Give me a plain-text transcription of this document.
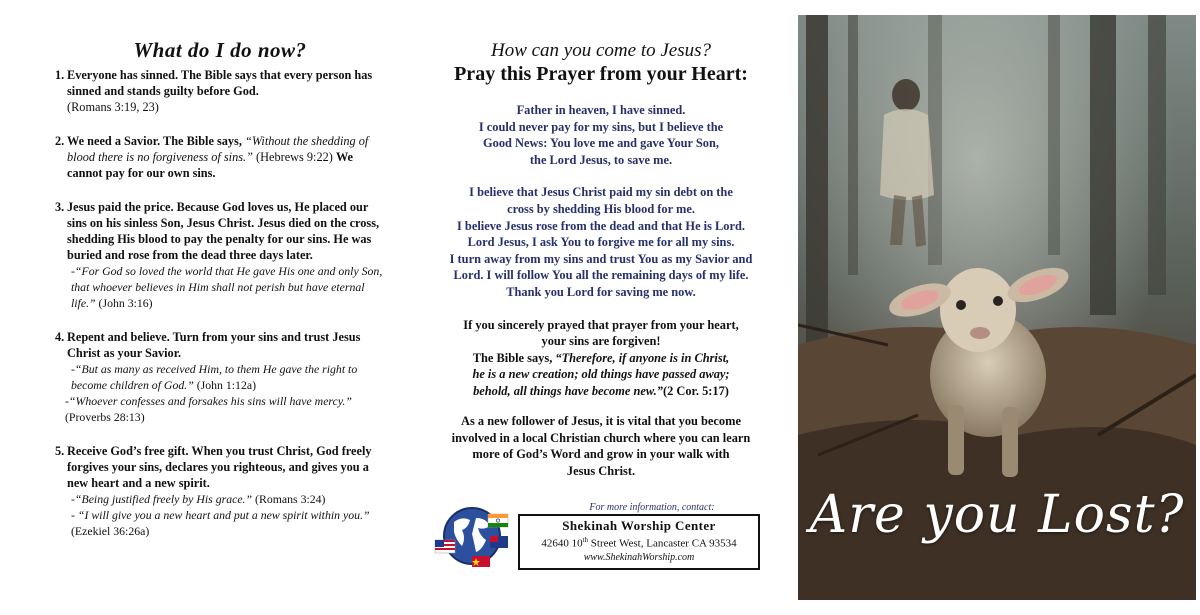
What do I do now?
1. Everyone has sinned. The Bible says that every person has sinned and stands guilty before God.
(Romans 3:19, 23)
2. We need a Savior. The Bible says, “Without the shedding of blood there is no forgiveness of sins.” (Hebrews 9:22) We cannot pay for our own sins.
3. Jesus paid the price. Because God loves us, He placed our sins on his sinless Son, Jesus Christ. Jesus died on the cross, shedding His blood to pay the penalty for our sins. He was buried and rose from the dead three days later.
-“For God so loved the world that He gave His one and only Son, that whoever believes in Him shall not perish but have eternal life.” (John 3:16)
4. Repent and believe. Turn from your sins and trust Jesus Christ as your Savior.
-“But as many as received Him, to them He gave the right to become children of God.” (John 1:12a)
-“Whoever confesses and forsakes his sins will have mercy.” (Proverbs 28:13)
5. Receive God’s free gift. When you trust Christ, God freely forgives your sins, declares you righteous, and gives you a new heart and a new spirit.
-“Being justified freely by His grace.” (Romans 3:24)
- “I will give you a new heart and put a new spirit within you.” (Ezekiel 36:26a)

How can you come to Jesus?

Pray this Prayer from your Heart:

Father in heaven, I have sinned.
I could never pay for my sins, but I believe the
Good News: You love me and gave Your Son,
the Lord Jesus, to save me.

I believe that Jesus Christ paid my sin debt on the
cross by shedding His blood for me.
I believe Jesus rose from the dead and that He is Lord.
Lord Jesus, I ask You to forgive me for all my sins.
I turn away from my sins and trust You as my Savior and
Lord. I will follow You all the remaining days of my life.
Thank you Lord for saving me now.

If you sincerely prayed that prayer from your heart,
your sins are forgiven!
The Bible says, “Therefore, if anyone is in Christ,
he is a new creation; old things have passed away;
behold, all things have become new.”(2 Cor. 5:17)
As a new follower of Jesus, it is vital that you become
involved in a local Christian church where you can learn
more of God’s Word and grow in your walk with
Jesus Christ.
For more information, contact:
Shekinah Worship Center
42640 10th Street West, Lancaster CA 93534
www.ShekinahWorship.com
Are you Lost?
